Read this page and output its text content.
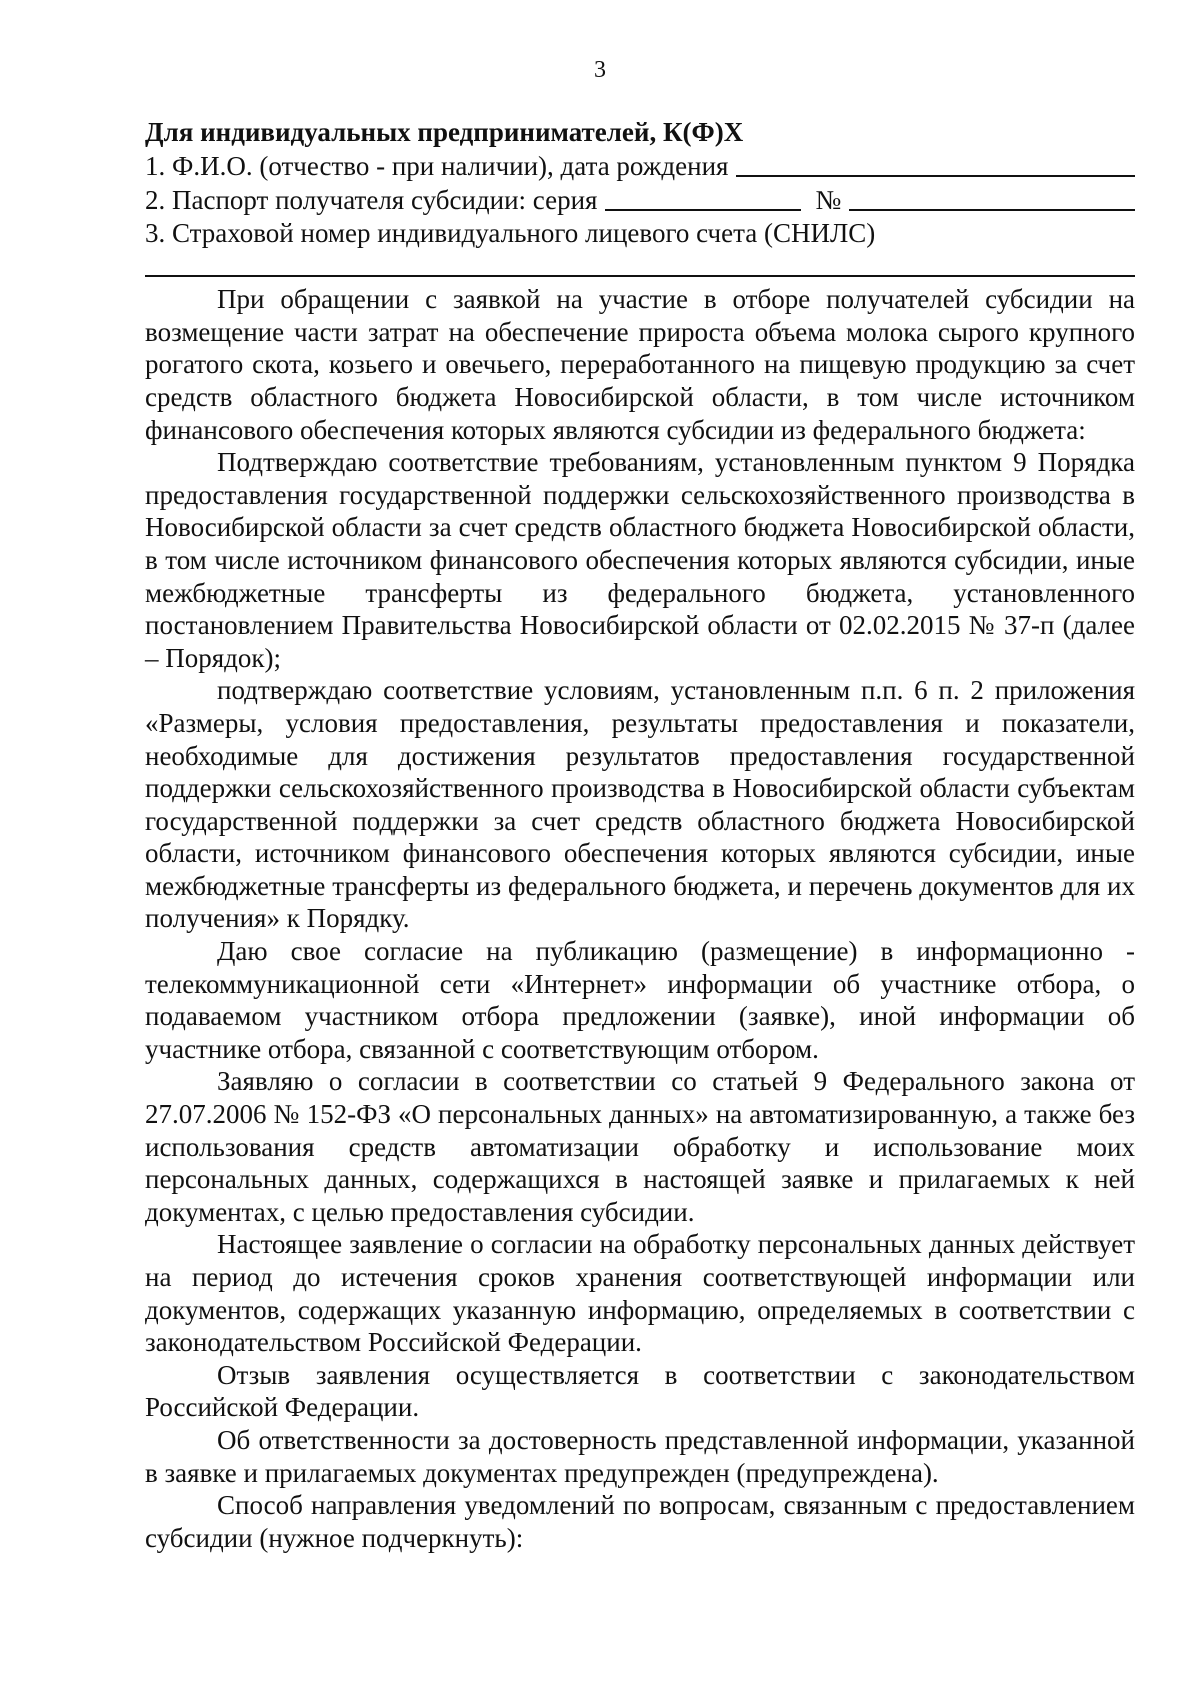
3

Для индивидуальных предпринимателей, К(Ф)Х

1. Ф.И.О. (отчество - при наличии), дата рождения
2. Паспорт получателя субсидии: серия	№
3. Страховой номер индивидуального лицевого счета (СНИЛС)

При обращении с заявкой на участие в отборе получателей субсидии на возмещение части затрат на обеспечение прироста объема молока сырого крупного рогатого скота, козьего и овечьего, переработанного на пищевую продукцию за счет средств областного бюджета Новосибирской области, в том числе источником финансового обеспечения которых являются субсидии из федерального бюджета:

Подтверждаю соответствие требованиям, установленным пунктом 9 Порядка предоставления государственной поддержки сельскохозяйственного производства в Новосибирской области за счет средств областного бюджета Новосибирской области, в том числе источником финансового обеспечения которых являются субсидии, иные межбюджетные трансферты из федерального бюджета, установленного постановлением Правительства Новосибирской области от 02.02.2015 № 37-п (далее – Порядок);

подтверждаю соответствие условиям, установленным п.п. 6 п. 2 приложения «Размеры, условия предоставления, результаты предоставления и показатели, необходимые для достижения результатов предоставления государственной поддержки сельскохозяйственного производства в Новосибирской области субъектам государственной поддержки за счет средств областного бюджета Новосибирской области, источником финансового обеспечения которых являются субсидии, иные межбюджетные трансферты из федерального бюджета, и перечень документов для их получения» к Порядку.

Даю свое согласие на публикацию (размещение) в информационно - телекоммуникационной сети «Интернет» информации об участнике отбора, о подаваемом участником отбора предложении (заявке), иной информации об участнике отбора, связанной с соответствующим отбором.

Заявляю о согласии в соответствии со статьей 9 Федерального закона от 27.07.2006 № 152-ФЗ «О персональных данных» на автоматизированную, а также без использования средств автоматизации обработку и использование моих персональных данных, содержащихся в настоящей заявке и прилагаемых к ней документах, с целью предоставления субсидии.

Настоящее заявление о согласии на обработку персональных данных действует на период до истечения сроков хранения соответствующей информации или документов, содержащих указанную информацию, определяемых в соответствии с законодательством Российской Федерации.

Отзыв заявления осуществляется в соответствии с законодательством Российской Федерации.

Об ответственности за достоверность представленной информации, указанной в заявке и прилагаемых документах предупрежден (предупреждена).

Способ направления уведомлений по вопросам, связанным с предоставлением субсидии (нужное подчеркнуть):
